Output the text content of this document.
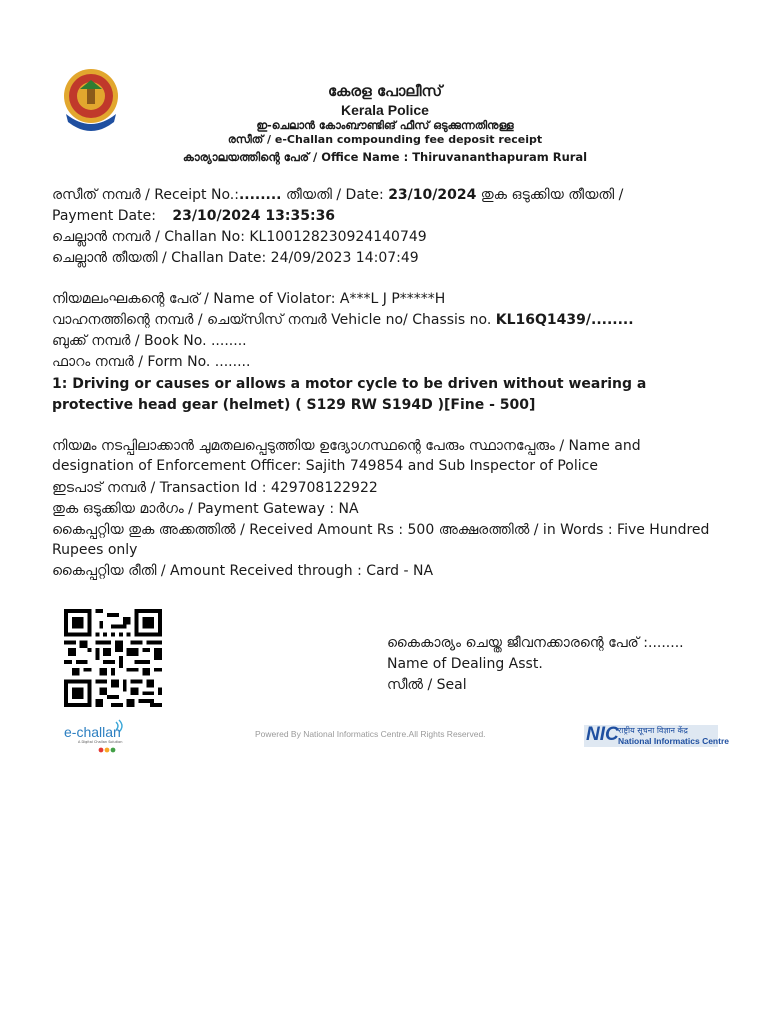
കേരള പോലീസ്
Kerala Police
ഇ-ചെലാൻ കോംബൗണ്ടിങ് ഫീസ് ഒടുക്കുന്നതിനുള്ള
രസീത് / e-Challan compounding fee deposit receipt
കാര്യാലയത്തിന്റെ പേര് / Office Name : Thiruvananthapuram Rural
രസീത് നമ്പർ / Receipt No.:........ തീയതി / Date: 23/10/2024 തുക ഒടുക്കിയ തീയതി /
Payment Date: 23/10/2024 13:35:36
ചെല്ലാൻ നമ്പർ / Challan No: KL100128230924140749
ചെല്ലാൻ തീയതി / Challan Date: 24/09/2023 14:07:49
നിയമലംഘകന്റെ പേര് / Name of Violator: A***L J P*****H
വാഹനത്തിന്റെ നമ്പർ / ചെയ്സിസ് നമ്പർ Vehicle no/ Chassis no. KL16Q1439/........
ബുക്ക് നമ്പർ / Book No. ........
ഫാറം നമ്പർ / Form No. ........
1: Driving or causes or allows a motor cycle to be driven without wearing a protective head gear (helmet) ( S129 RW S194D )[Fine - 500]
നിയമം നടപ്പിലാക്കാൻ ചുമതലപ്പെടുത്തിയ ഉദ്യോഗസ്ഥന്റെ പേരും സ്ഥാനപ്പേരും / Name and designation of Enforcement Officer: Sajith 749854 and Sub Inspector of Police
ഇടപാട് നമ്പർ / Transaction Id : 429708122922
തുക ഒടുക്കിയ മാർഗം / Payment Gateway : NA
കൈപ്പറ്റിയ തുക അക്കത്തിൽ / Received Amount Rs : 500 അക്ഷരത്തിൽ / in Words : Five Hundred Rupees only
കൈപ്പറ്റിയ രീതി / Amount Received through : Card - NA
കൈകാര്യം ചെയ്ത ജീവനക്കാരന്റെ പേര് :........
Name of Dealing Asst.
സീൽ / Seal
e-challan
A Digital Challan Solution
Powered By National Informatics Centre.All Rights Reserved.	NIC राष्ट्रीय सूचना विज्ञान केंद्र
National Informatics Centre
